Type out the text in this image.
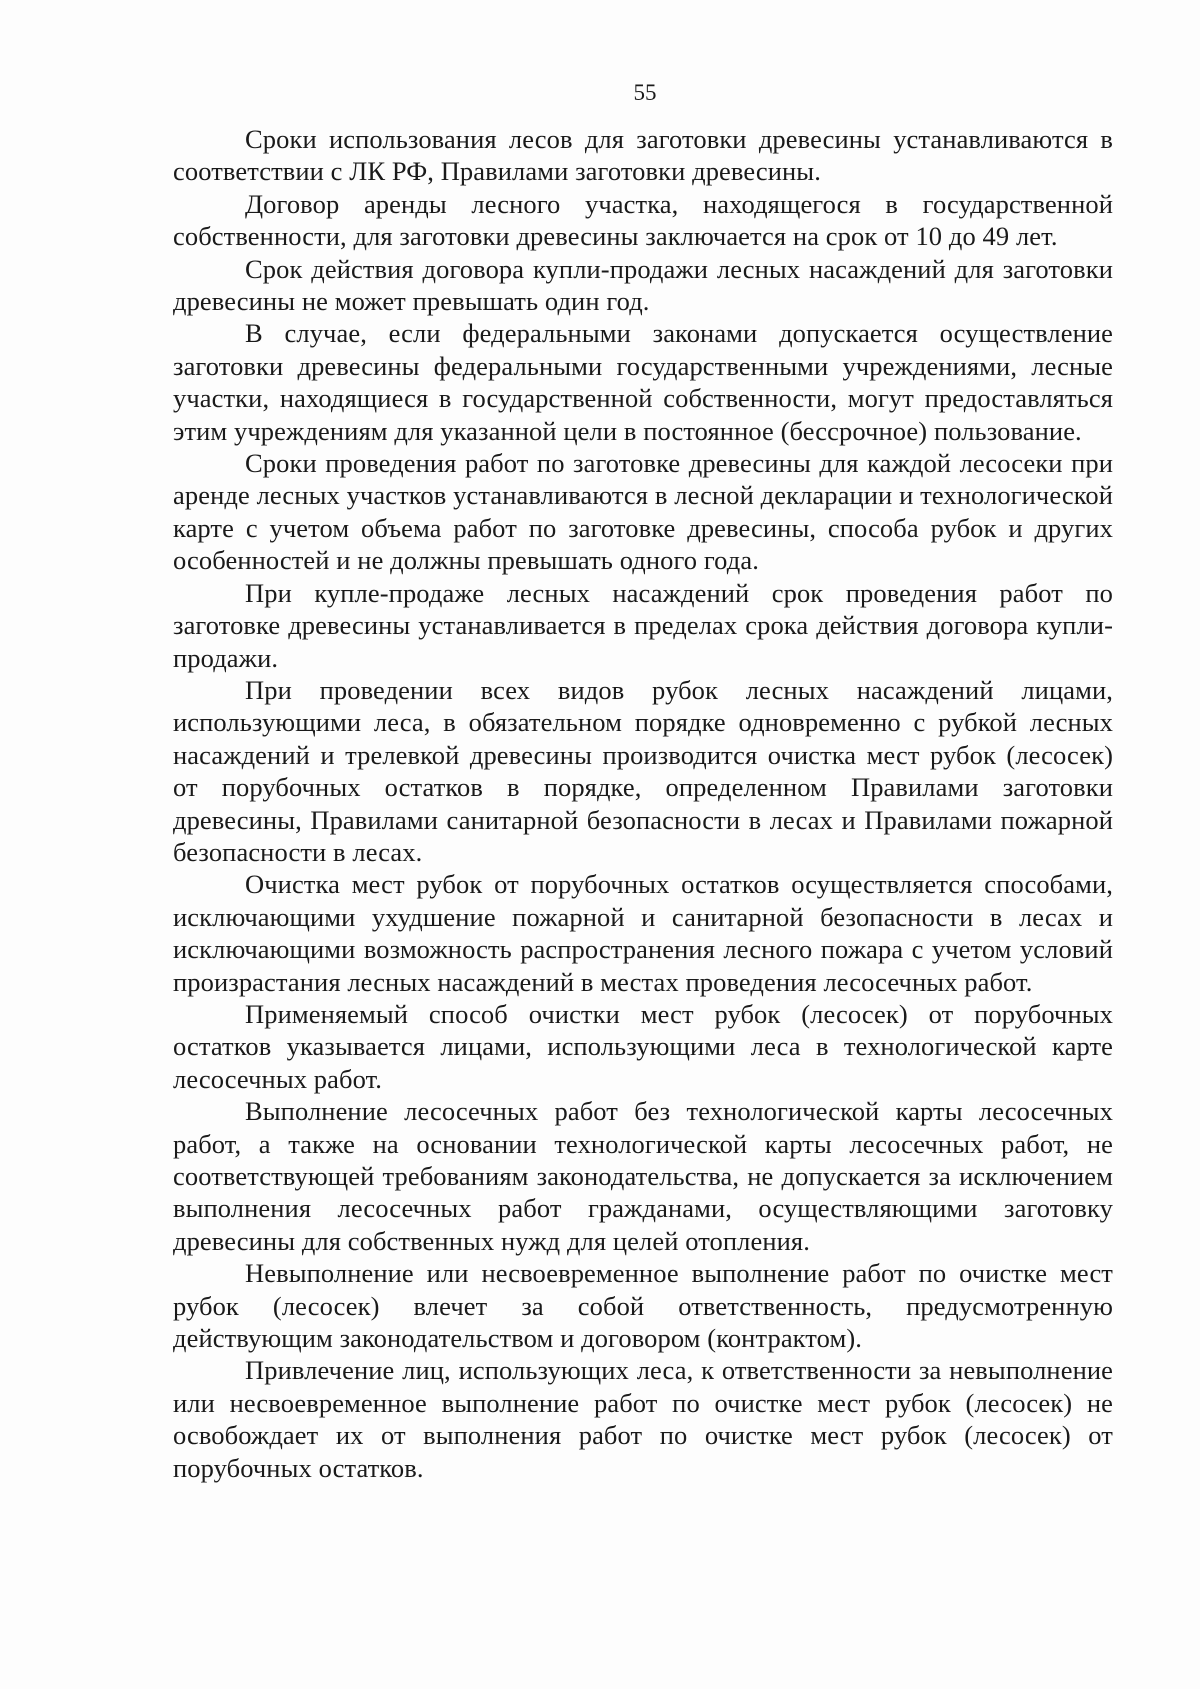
55

Сроки использования лесов для заготовки древесины устанавливаются в соответствии с ЛК РФ, Правилами заготовки древесины.

Договор аренды лесного участка, находящегося в государственной собственности, для заготовки древесины заключается на срок от 10 до 49 лет.

Срок действия договора купли-продажи лесных насаждений для заготовки древесины не может превышать один год.

В случае, если федеральными законами допускается осуществление заготовки древесины федеральными государственными учреждениями, лесные участки, находящиеся в государственной собственности, могут предоставляться этим учреждениям для указанной цели в постоянное (бессрочное) пользование.

Сроки проведения работ по заготовке древесины для каждой лесосеки при аренде лесных участков устанавливаются в лесной декларации и технологической карте с учетом объема работ по заготовке древесины, способа рубок и других особенностей и не должны превышать одного года.

При купле-продаже лесных насаждений срок проведения работ по заготовке древесины устанавливается в пределах срока действия договора купли-продажи.

При проведении всех видов рубок лесных насаждений лицами, использующими леса, в обязательном порядке одновременно с рубкой лесных насаждений и трелевкой древесины производится очистка мест рубок (лесосек) от порубочных остатков в порядке, определенном Правилами заготовки древесины, Правилами санитарной безопасности в лесах и Правилами пожарной безопасности в лесах.

Очистка мест рубок от порубочных остатков осуществляется способами, исключающими ухудшение пожарной и санитарной безопасности в лесах и исключающими возможность распространения лесного пожара с учетом условий произрастания лесных насаждений в местах проведения лесосечных работ.

Применяемый способ очистки мест рубок (лесосек) от порубочных остатков указывается лицами, использующими леса в технологической карте лесосечных работ.

Выполнение лесосечных работ без технологической карты лесосечных работ, а также на основании технологической карты лесосечных работ, не соответствующей требованиям законодательства, не допускается за исключением выполнения лесосечных работ гражданами, осуществляющими заготовку древесины для собственных нужд для целей отопления.

Невыполнение или несвоевременное выполнение работ по очистке мест рубок (лесосек) влечет за собой ответственность, предусмотренную действующим законодательством и договором (контрактом).

Привлечение лиц, использующих леса, к ответственности за невыполнение или несвоевременное выполнение работ по очистке мест рубок (лесосек) не освобождает их от выполнения работ по очистке мест рубок (лесосек) от порубочных остатков.
